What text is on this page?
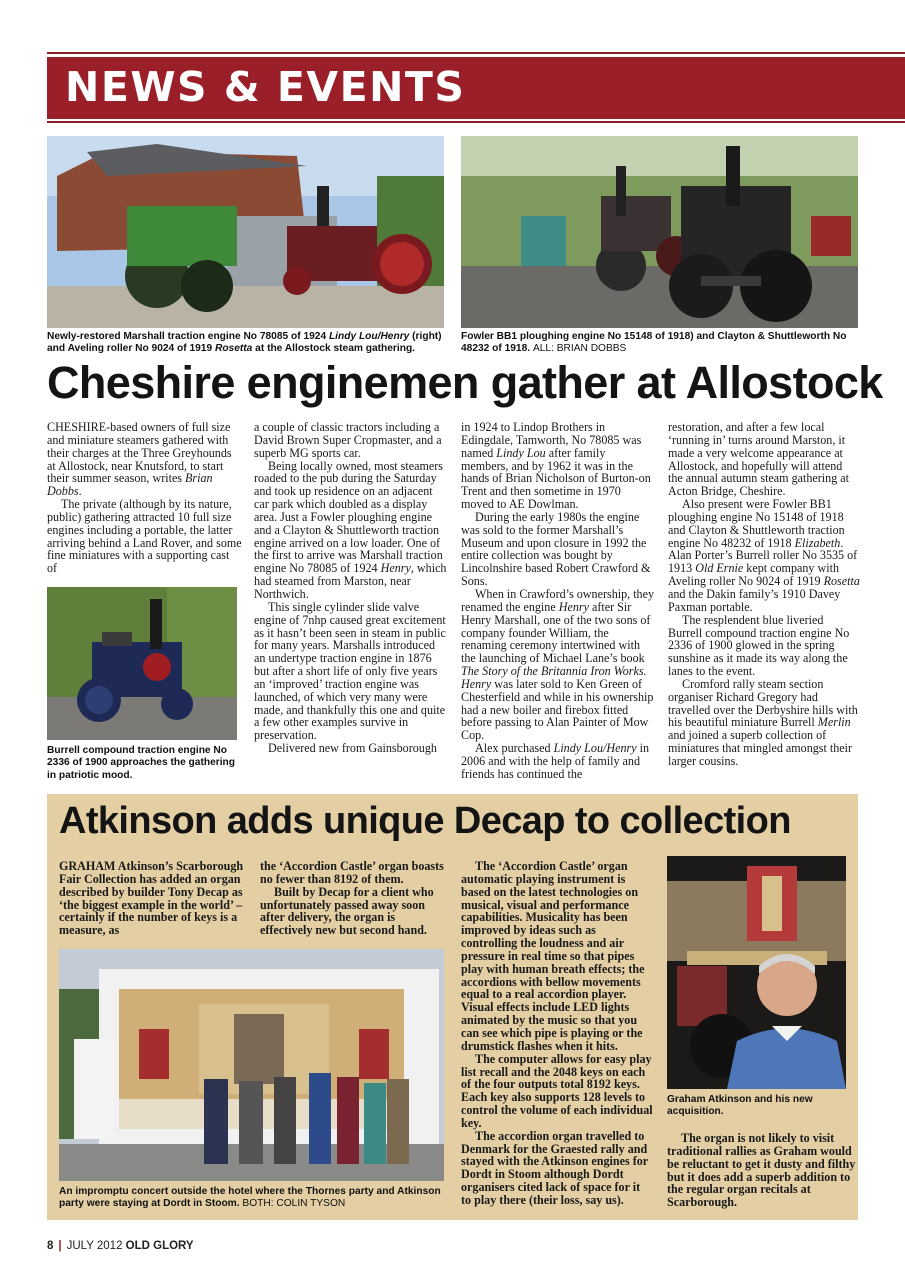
NEWS & EVENTS
Newly-restored Marshall traction engine No 78085 of 1924 Lindy Lou/Henry (right) and Aveling roller No 9024 of 1919 Rosetta at the Allostock steam gathering.
Fowler BB1 ploughing engine No 15148 of 1918) and Clayton & Shuttleworth No 48232 of 1918. ALL: BRIAN DOBBS
Cheshire enginemen gather at Allostock

CHESHIRE-based owners of full size and miniature steamers gathered with their charges at the Three Greyhounds at Allostock, near Knutsford, to start their summer season, writes Brian Dobbs.

The private (although by its nature, public) gathering attracted 10 full size engines including a portable, the latter arriving behind a Land Rover, and some fine miniatures with a supporting cast of

Burrell compound traction engine No 2336 of 1900 approaches the gathering in patriotic mood.

a couple of classic tractors including a David Brown Super Cropmaster, and a superb MG sports car.

Being locally owned, most steamers roaded to the pub during the Saturday and took up residence on an adjacent car park which doubled as a display area. Just a Fowler ploughing engine and a Clayton & Shuttleworth traction engine arrived on a low loader. One of the first to arrive was Marshall traction engine No 78085 of 1924 Henry, which had steamed from Marston, near Northwich.

This single cylinder slide valve engine of 7nhp caused great excitement as it hasn’t been seen in steam in public for many years. Marshalls introduced an undertype traction engine in 1876 but after a short life of only five years an ‘improved’ traction engine was launched, of which very many were made, and thankfully this one and quite a few other examples survive in preservation.

Delivered new from Gainsborough

in 1924 to Lindop Brothers in Edingdale, Tamworth, No 78085 was named Lindy Lou after family members, and by 1962 it was in the hands of Brian Nicholson of Burton-on Trent and then sometime in 1970 moved to AE Dowlman.

During the early 1980s the engine was sold to the former Marshall’s Museum and upon closure in 1992 the entire collection was bought by Lincolnshire based Robert Crawford & Sons.

When in Crawford’s ownership, they renamed the engine Henry after Sir Henry Marshall, one of the two sons of company founder William, the renaming ceremony intertwined with the launching of Michael Lane’s book The Story of the Britannia Iron Works. Henry was later sold to Ken Green of Chesterfield and while in his ownership had a new boiler and firebox fitted before passing to Alan Painter of Mow Cop.

Alex purchased Lindy Lou/Henry in 2006 and with the help of family and friends has continued the

restoration, and after a few local ‘running in’ turns around Marston, it made a very welcome appearance at Allostock, and hopefully will attend the annual autumn steam gathering at Acton Bridge, Cheshire.

Also present were Fowler BB1 ploughing engine No 15148 of 1918 and Clayton & Shuttleworth traction engine No 48232 of 1918 Elizabeth. Alan Porter’s Burrell roller No 3535 of 1913 Old Ernie kept company with Aveling roller No 9024 of 1919 Rosetta and the Dakin family’s 1910 Davey Paxman portable.

The resplendent blue liveried Burrell compound traction engine No 2336 of 1900 glowed in the spring sunshine as it made its way along the lanes to the event.

Cromford rally steam section organiser Richard Gregory had travelled over the Derbyshire hills with his beautiful miniature Burrell Merlin and joined a superb collection of miniatures that mingled amongst their larger cousins.

Atkinson adds unique Decap to collection

GRAHAM Atkinson’s Scarborough Fair Collection has added an organ described by builder Tony Decap as ‘the biggest example in the world’ – certainly if the number of keys is a measure, as

the ‘Accordion Castle’ organ boasts no fewer than 8192 of them.

Built by Decap for a client who unfortunately passed away soon after delivery, the organ is effectively new but second hand.

An impromptu concert outside the hotel where the Thornes party and Atkinson party were staying at Dordt in Stoom. BOTH: COLIN TYSON

The ‘Accordion Castle’ organ automatic playing instrument is based on the latest technologies on musical, visual and performance capabilities. Musicality has been improved by ideas such as controlling the loudness and air pressure in real time so that pipes play with human breath effects; the accordions with bellow movements equal to a real accordion player. Visual effects include LED lights animated by the music so that you can see which pipe is playing or the drumstick flashes when it hits.

The computer allows for easy play list recall and the 2048 keys on each of the four outputs total 8192 keys. Each key also supports 128 levels to control the volume of each individual key.

The accordion organ travelled to Denmark for the Graested rally and stayed with the Atkinson engines for Dordt in Stoom although Dordt organisers cited lack of space for it to play there (their loss, say us).

Graham Atkinson and his new acquisition.

The organ is not likely to visit traditional rallies as Graham would be reluctant to get it dusty and filthy but it does add a superb addition to the regular organ recitals at Scarborough.

8 | JULY 2012 OLD GLORY
